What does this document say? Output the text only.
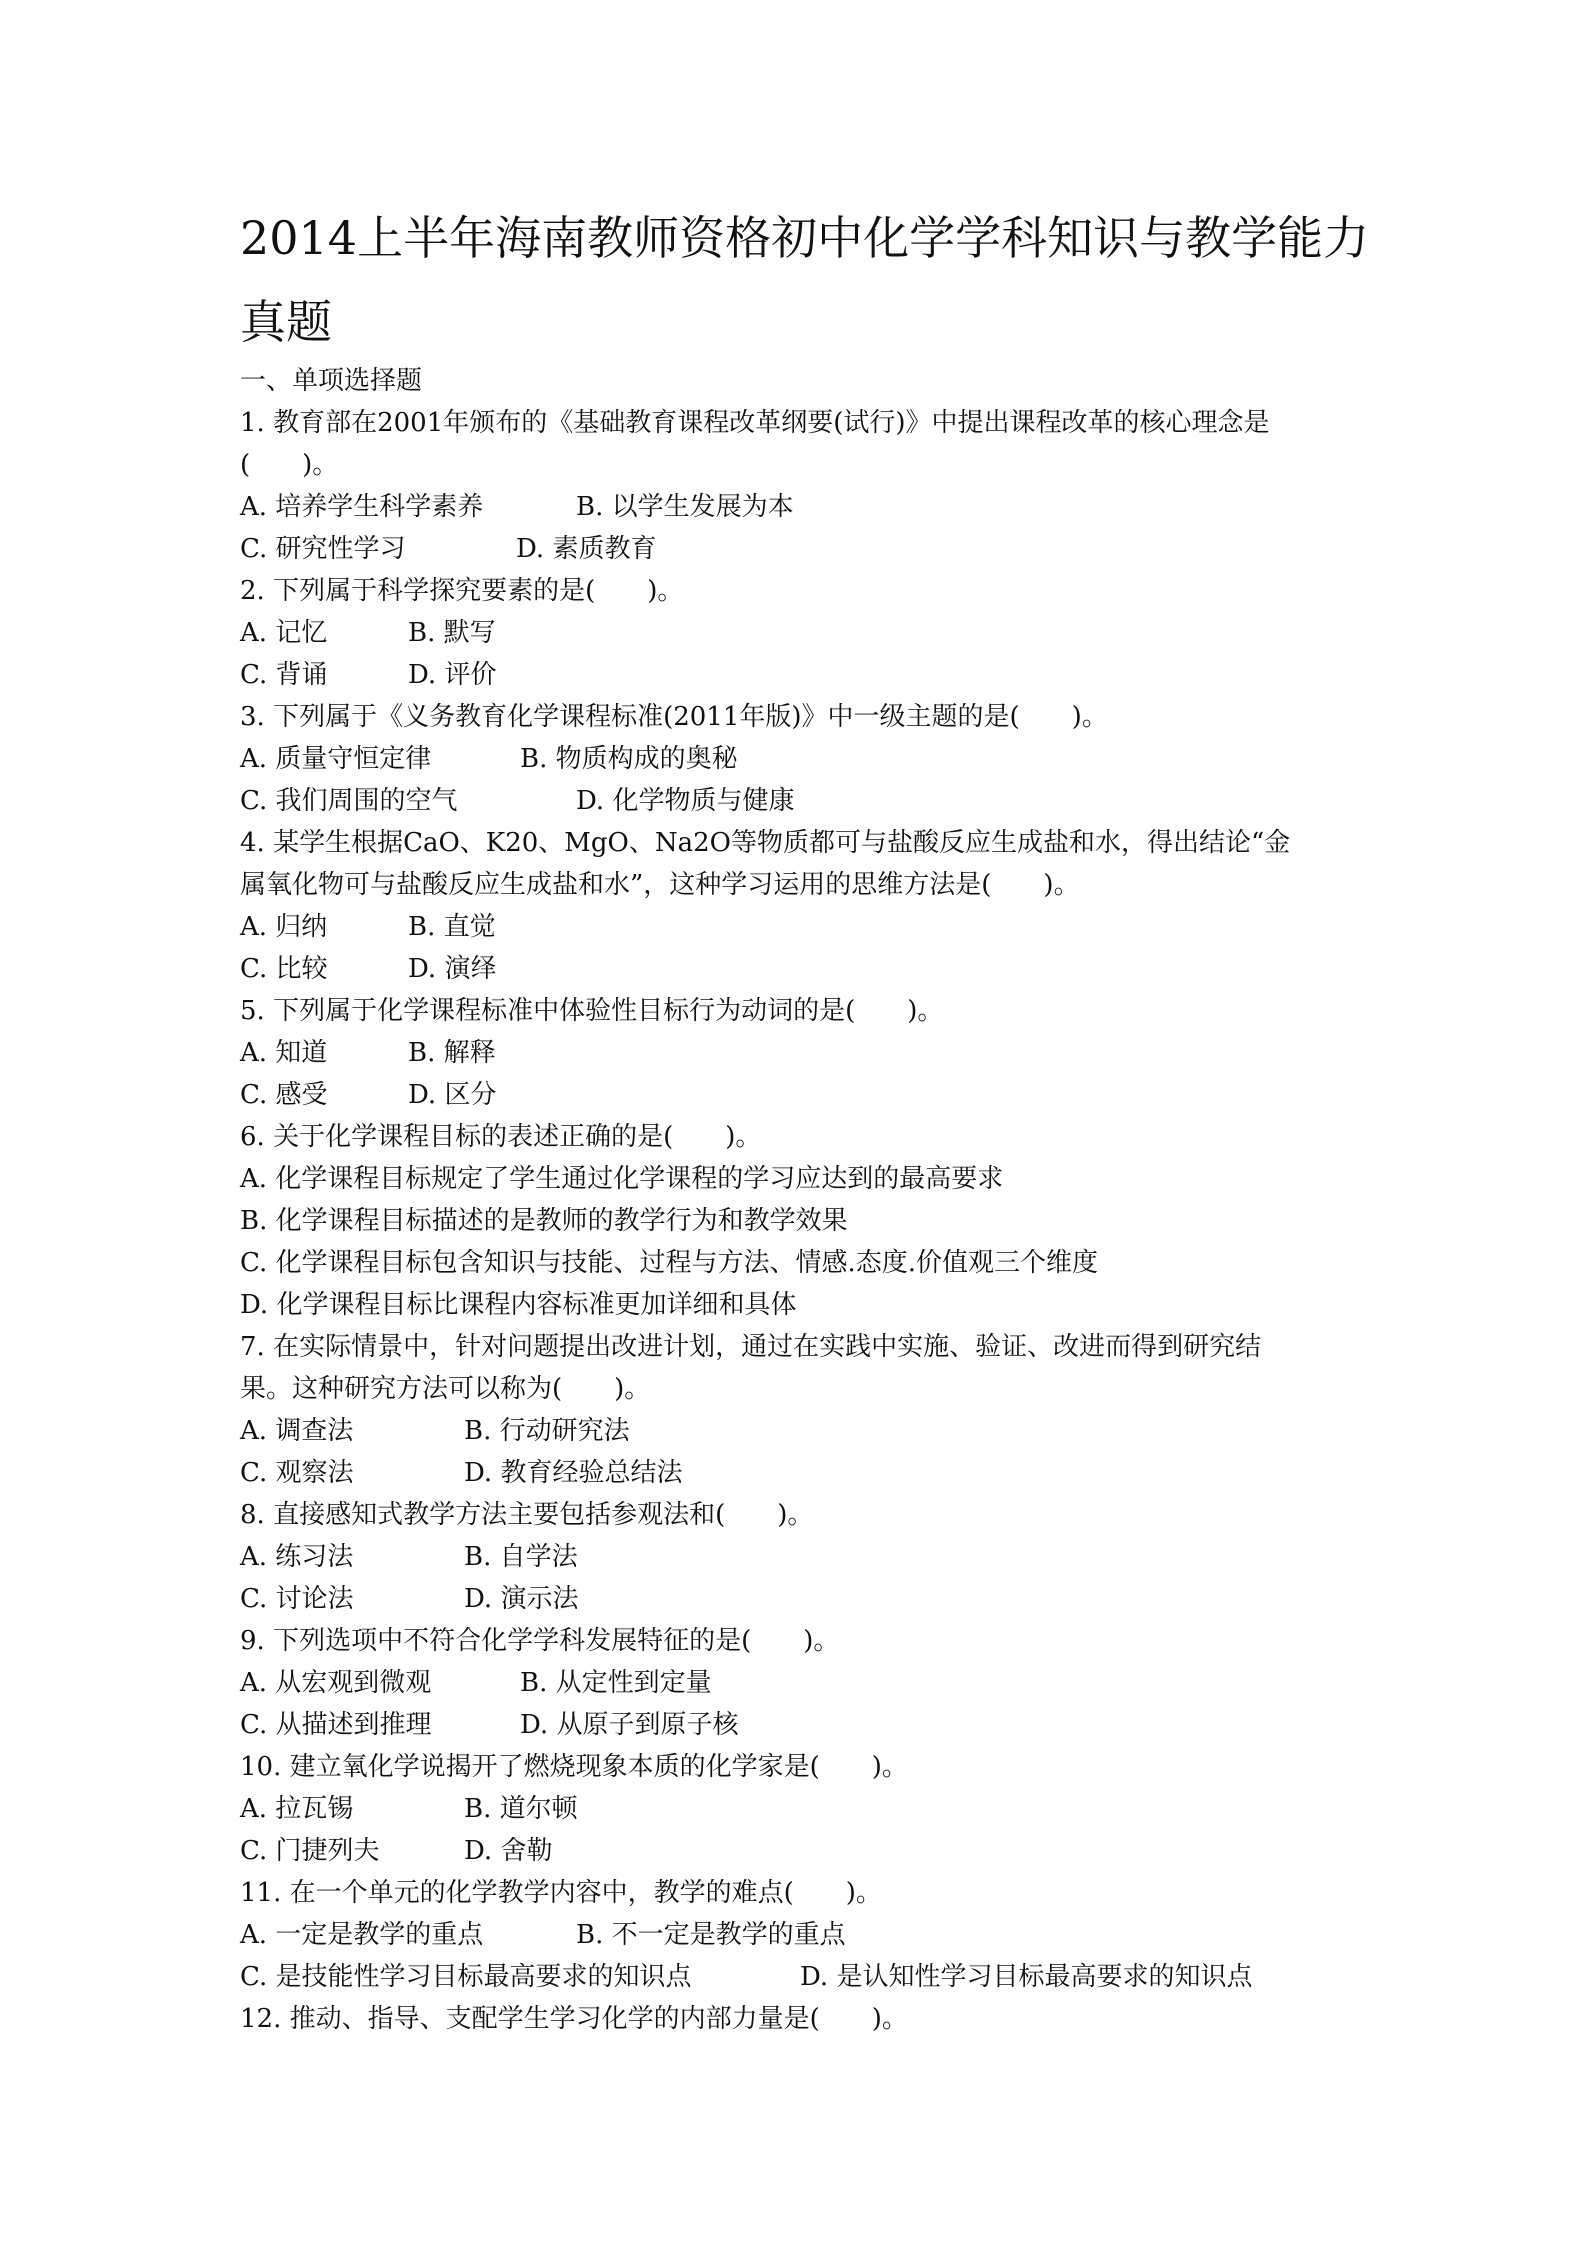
2014上半年海南教师资格初中化学学科知识与教学能力真题
一、单项选择题
1. 教育部在2001年颁布的《基础教育课程改革纲要(试行)》中提出课程改革的核心理念是
(　　)。
A. 培养学生科学素养	B. 以学生发展为本
C. 研究性学习	D. 素质教育
2. 下列属于科学探究要素的是(　　)。
A. 记忆	B. 默写
C. 背诵	D. 评价
3. 下列属于《义务教育化学课程标准(2011年版)》中一级主题的是(　　)。
A. 质量守恒定律	B. 物质构成的奥秘
C. 我们周围的空气	D. 化学物质与健康
4. 某学生根据CaO、K20、MgO、Na2O等物质都可与盐酸反应生成盐和水，得出结论“金
属氧化物可与盐酸反应生成盐和水”，这种学习运用的思维方法是(　　)。
A. 归纳	B. 直觉
C. 比较	D. 演绎
5. 下列属于化学课程标准中体验性目标行为动词的是(　　)。
A. 知道	B. 解释
C. 感受	D. 区分
6. 关于化学课程目标的表述正确的是(　　)。
A. 化学课程目标规定了学生通过化学课程的学习应达到的最高要求
B. 化学课程目标描述的是教师的教学行为和教学效果
C. 化学课程目标包含知识与技能、过程与方法、情感.态度.价值观三个维度
D. 化学课程目标比课程内容标准更加详细和具体
7. 在实际情景中，针对问题提出改进计划，通过在实践中实施、验证、改进而得到研究结
果。这种研究方法可以称为(　　)。
A. 调查法	B. 行动研究法
C. 观察法	D. 教育经验总结法
8. 直接感知式教学方法主要包括参观法和(　　)。
A. 练习法	B. 自学法
C. 讨论法	D. 演示法
9. 下列选项中不符合化学学科发展特征的是(　　)。
A. 从宏观到微观	B. 从定性到定量
C. 从描述到推理	D. 从原子到原子核
10. 建立氧化学说揭开了燃烧现象本质的化学家是(　　)。
A. 拉瓦锡	B. 道尔顿
C. 门捷列夫	D. 舍勒
11. 在一个单元的化学教学内容中，教学的难点(　　)。
A. 一定是教学的重点	B. 不一定是教学的重点
C. 是技能性学习目标最高要求的知识点	D. 是认知性学习目标最高要求的知识点
12. 推动、指导、支配学生学习化学的内部力量是(　　)。
